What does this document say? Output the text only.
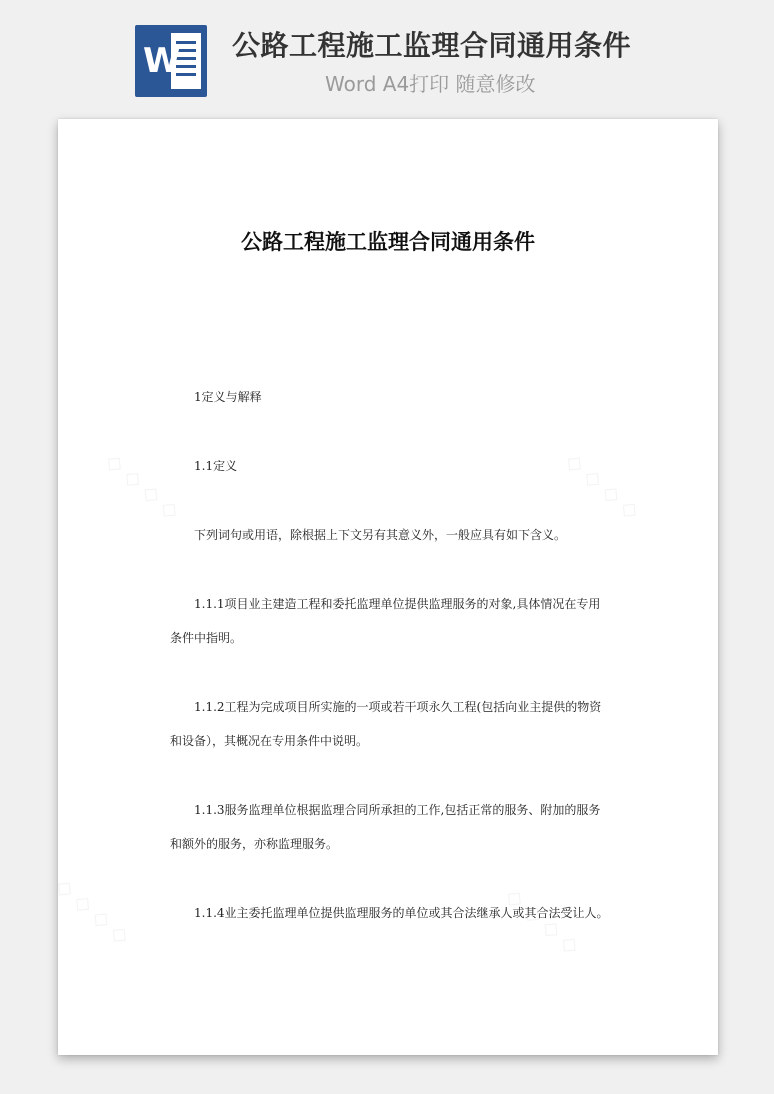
W 公路工程施工监理合同通用条件
Word A4打印 随意修改
公路工程施工监理合同通用条件
1定义与解释
1.1定义
下列词句或用语，除根据上下文另有其意义外，一般应具有如下含义。
1.1.1项目业主建造工程和委托监理单位提供监理服务的对象,具体情况在专用
条件中指明。
1.1.2工程为完成项目所实施的一项或若干项永久工程(包括向业主提供的物资
和设备），其概况在专用条件中说明。
1.1.3服务监理单位根据监理合同所承担的工作,包括正常的服务、附加的服务
和额外的服务，亦称监理服务。
1.1.4业主委托监理单位提供监理服务的单位或其合法继承人或其合法受让人。
